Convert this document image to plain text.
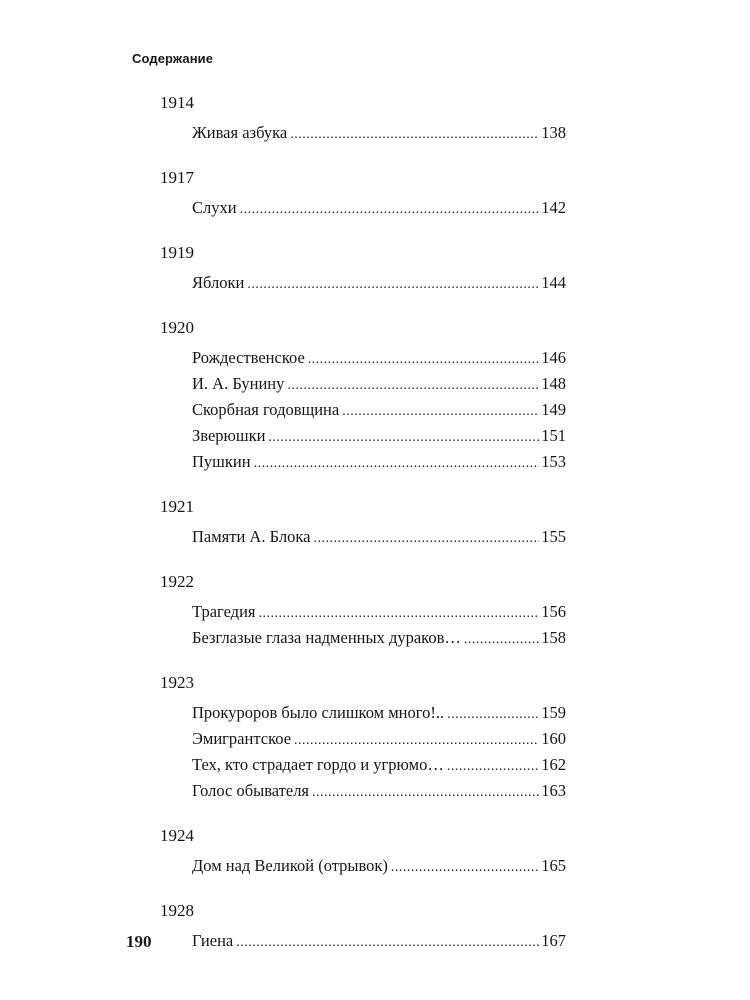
Содержание
1914
Живая азбука .....	138
1917
Слухи .....	142
1919
Яблоки .....	144
1920
Рождественское .....	146
И. А. Бунину .....	148
Скорбная годовщина .....	149
Зверюшки .....	151
Пушкин .....	153
1921
Памяти А. Блока .....	155
1922
Трагедия .....	156
Безглазые глаза надменных дураков… .....	158
1923
Прокуроров было слишком много!.. .....	159
Эмигрантское .....	160
Тех, кто страдает гордо и угрюмо… .....	162
Голос обывателя .....	163
1924
Дом над Великой (отрывок) .....	165
1928
Гиена .....	167
190
